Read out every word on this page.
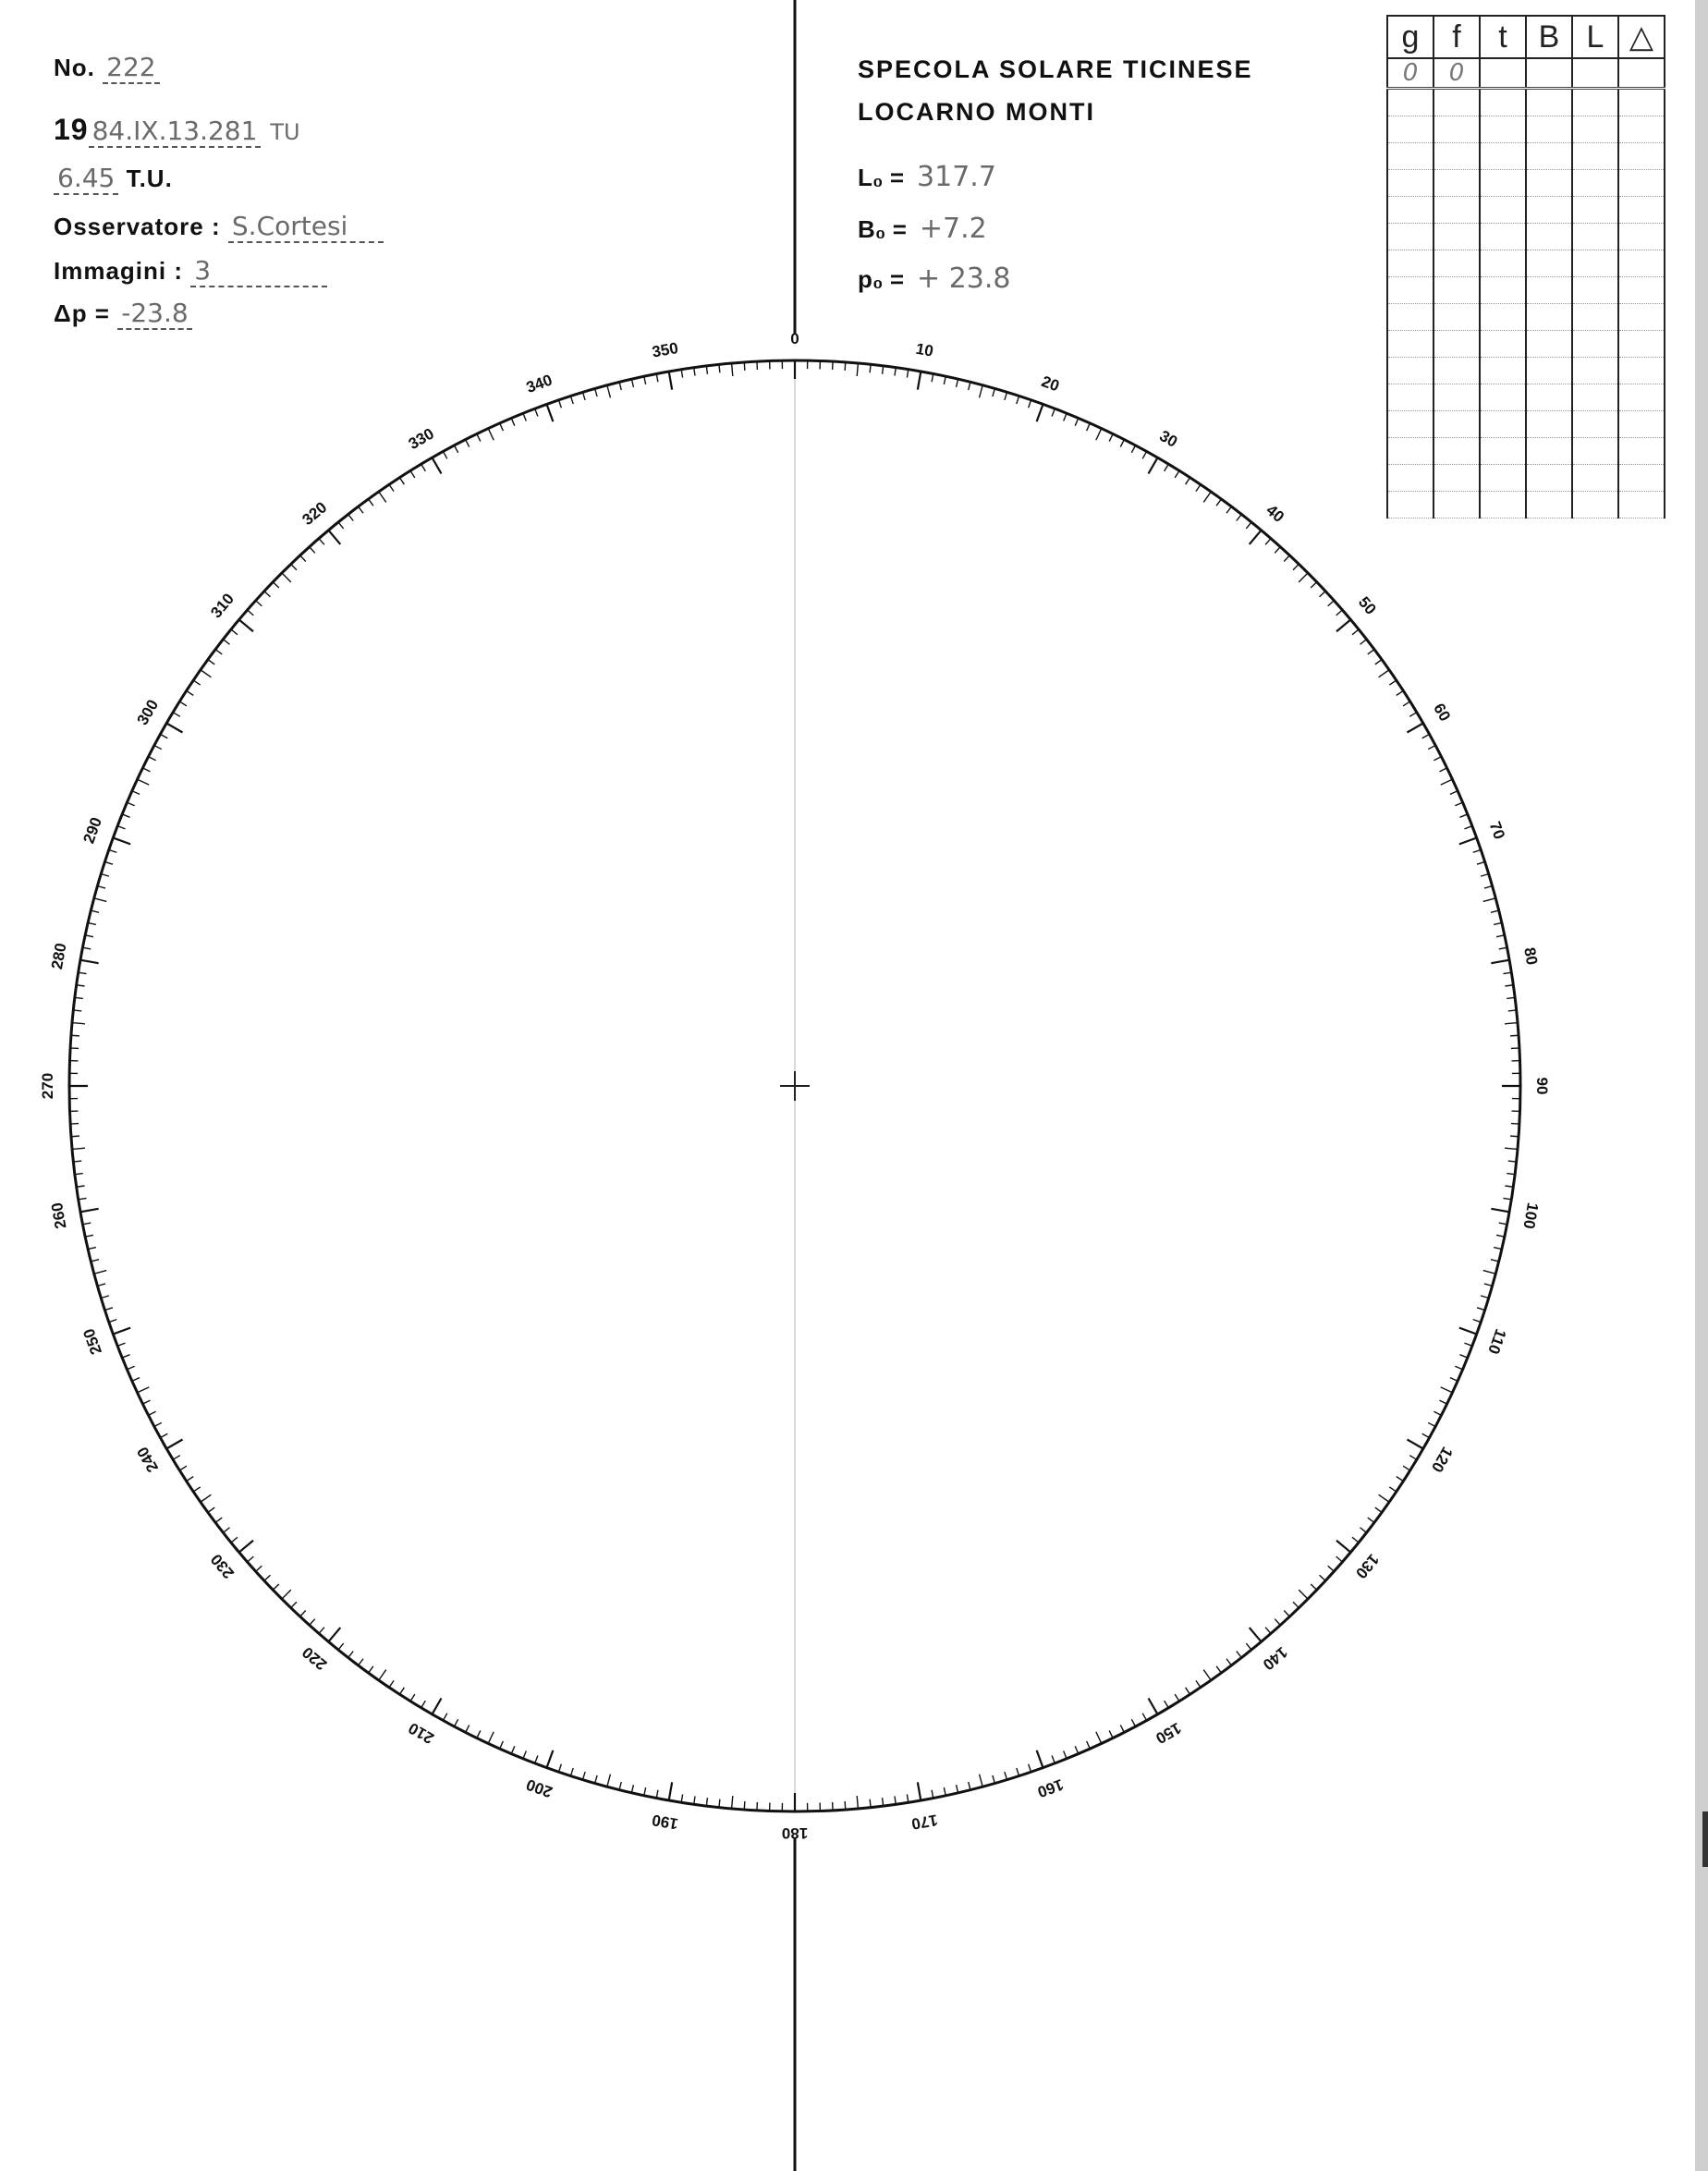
No. 222
19 84.IX.13.281 TU
6.45 T.U.
Osservatore : S.Cortesi
Immagini : 3
Δp = -23.8
SPECOLA SOLARE TICINESE
LOCARNO MONTI
L₀ = 317.7
B₀ = +7.2
p₀ = + 23.8
g	f	t	B	L	△
0	0				

0
10
20
30
40
50
60
70
80
90
100
110
120
130
140
150
160
170
180
190
200
210
220
230
240
250
260
270
280
290
300
310
320
330
340
350
